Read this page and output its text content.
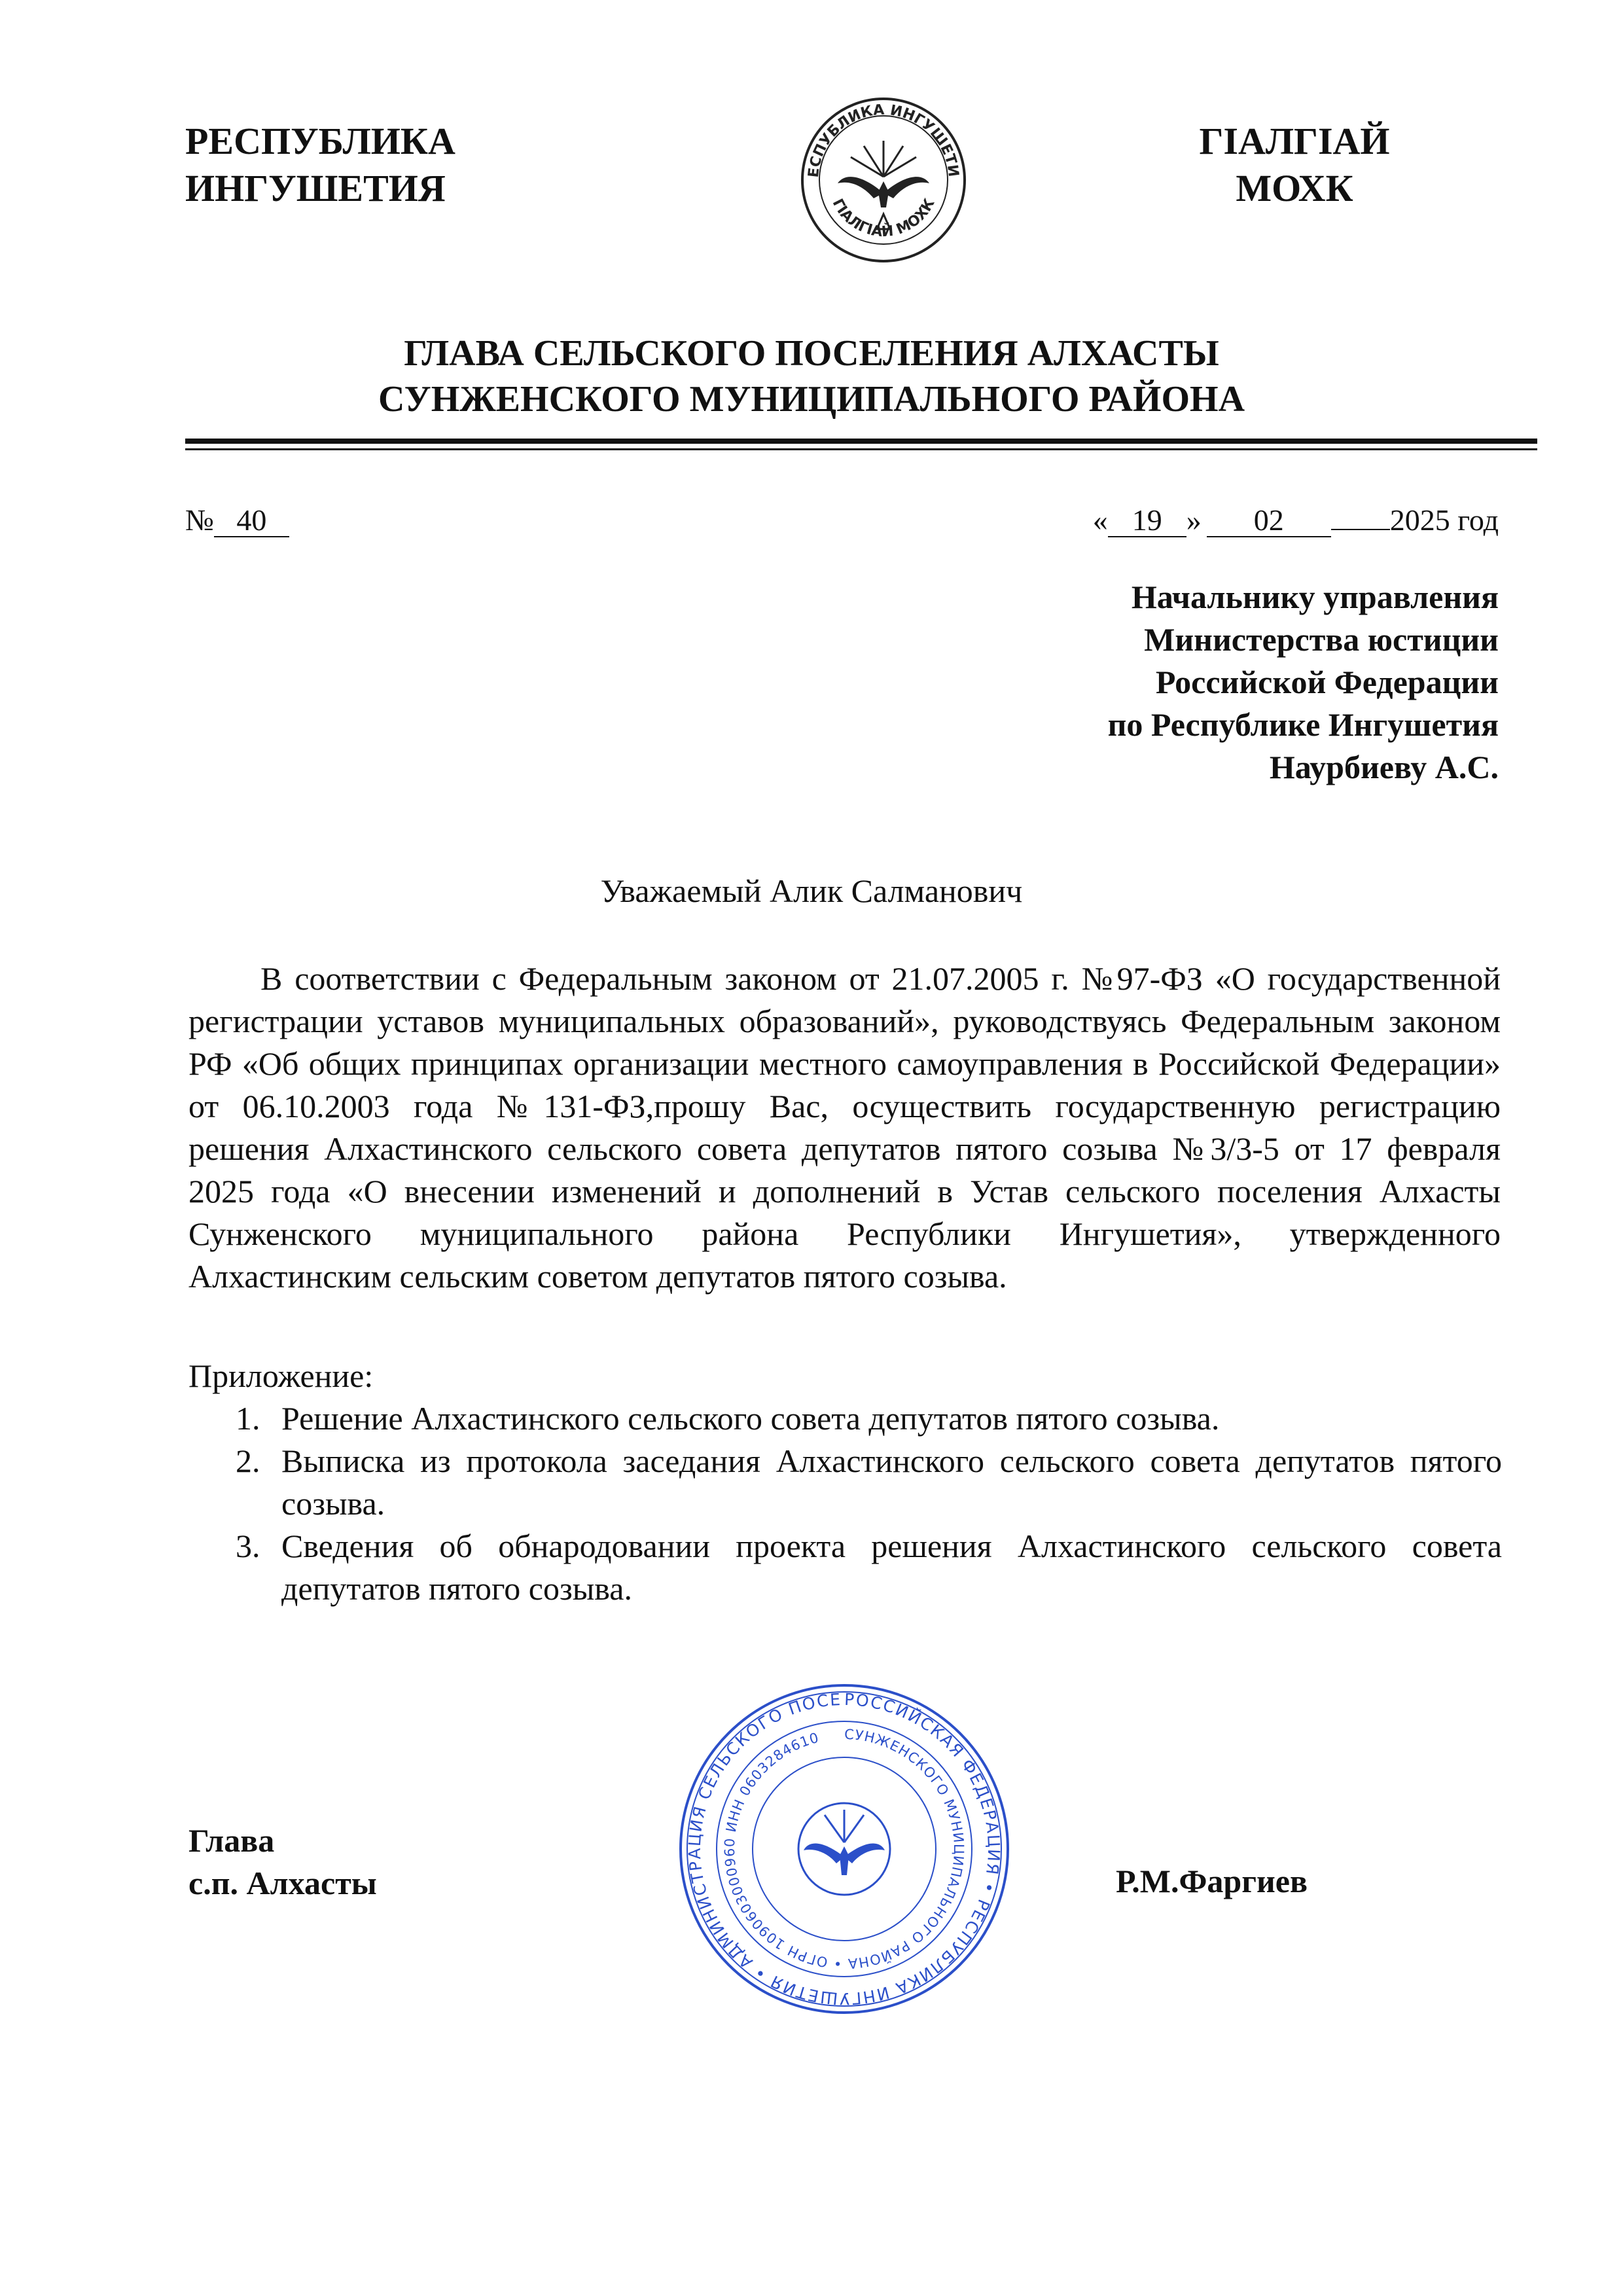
РЕСПУБЛИКА
ИНГУШЕТИЯ	ЕСПУБЛИКА ИНГУШЕТИ
ГIАЛГIАЙ МОХК
ГIАЛГIАЙ
МОХК
ГЛАВА СЕЛЬСКОГО ПОСЕЛЕНИЯ АЛХАСТЫ
СУНЖЕНСКОГО МУНИЦИПАЛЬНОГО РАЙОНА
№ 40	« 19 » 02	2025 год
Начальнику управления
Министерства юстиции
Российской Федерации
по Республике Ингушетия
Наурбиеву А.С.
Уважаемый Алик Салманович

В соответствии с Федеральным законом от 21.07.2005 г. №97-ФЗ «О государственной регистрации уставов муниципальных образований», руководствуясь Федеральным законом РФ «Об общих принципах организации местного самоуправления в Российской Федерации» от 06.10.2003 года №131-ФЗ,прошу Вас, осуществить государственную регистрацию решения Алхастинского сельского совета депутатов пятого созыва №3/3-5 от 17 февраля 2025 года «О внесении изменений и дополнений в Устав сельского поселения Алхасты Сунженского муниципального района Республики Ингушетия», утвержденного Алхастинским сельским советом депутатов пятого созыва.

Приложение:
1. Решение Алхастинского сельского совета депутатов пятого созыва.
2. Выписка из протокола заседания Алхастинского сельского совета депутатов пятого созыва.
3. Сведения об обнародовании проекта решения Алхастинского сельского совета депутатов пятого созыва.
Глава
с.п. Алхасты
РОССИЙСКАЯ ФЕДЕРАЦИЯ • РЕСПУБЛИКА ИНГУШЕТИЯ • АДМИНИСТРАЦИЯ СЕЛЬСКОГО ПОСЕ
СУНЖЕНСКОГО МУНИЦИПАЛЬНОГО РАЙОНА • ОГРН 1090603000960 ИНН 0603284610
Р.М.Фаргиев
